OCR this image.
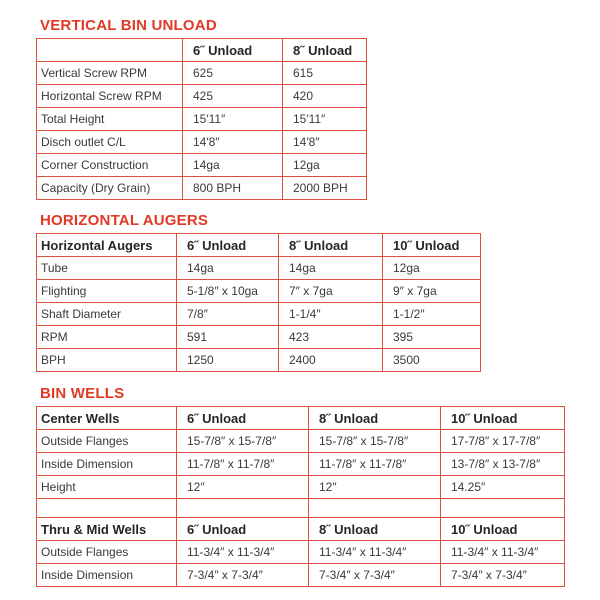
VERTICAL BIN UNLOAD
	6˝ Unload	8˝ Unload
Vertical Screw RPM	625	615
Horizontal Screw RPM	425	420
Total Height	15′11″	15′11″
Disch outlet C/L	14′8″	14′8″
Corner Construction	14ga	12ga
Capacity (Dry Grain)	800 BPH	2000 BPH
HORIZONTAL AUGERS
Horizontal Augers	6˝ Unload	8˝ Unload	10˝ Unload
Tube	14ga	14ga	12ga
Flighting	5-1/8″ x 10ga	7″ x 7ga	9″ x 7ga
Shaft Diameter	7/8″	1-1/4″	1-1/2″
RPM	591	423	395
BPH	1250	2400	3500
BIN WELLS
Center Wells	6˝ Unload	8˝ Unload	10˝ Unload
Outside Flanges	15-7/8″ x 15-7/8″	15-7/8″ x 15-7/8″	17-7/8″ x 17-7/8″
Inside Dimension	11-7/8″ x 11-7/8″	11-7/8″ x 11-7/8″	13-7/8″ x 13-7/8″
Height	12″	12″	14.25″

Thru & Mid Wells	6˝ Unload	8˝ Unload	10˝ Unload
Outside Flanges	11-3/4″ x 11-3/4″	11-3/4″ x 11-3/4″	11-3/4″ x 11-3/4″
Inside Dimension	7-3/4″ x 7-3/4″	7-3/4″ x 7-3/4″	7-3/4″ x 7-3/4″
